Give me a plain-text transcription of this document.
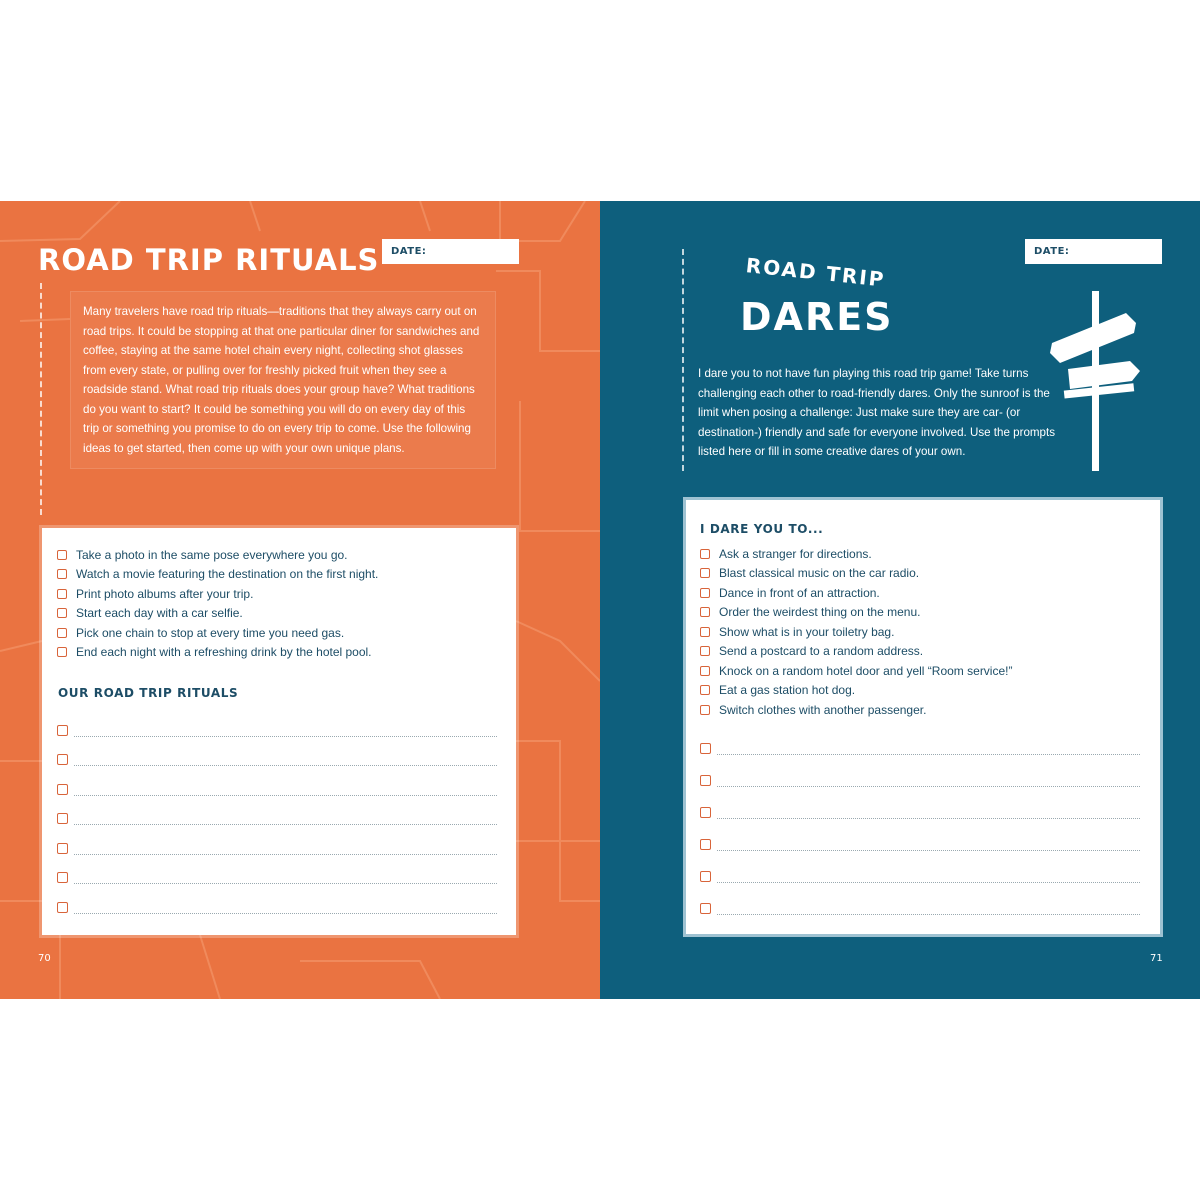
ROAD TRIP RITUALS	DATE:

Many travelers have road trip rituals—traditions that they always carry out on road trips. It could be stopping at that one particular diner for sandwiches and coffee, staying at the same hotel chain every night, collecting shot glasses from every state, or pulling over for freshly picked fruit when they see a roadside stand. What road trip rituals does your group have? What traditions do you want to start? It could be something you will do on every day of this trip or something you promise to do on every trip to come. Use the following ideas to get started, then come up with your own unique plans.

Take a photo in the same pose everywhere you go.
Watch a movie featuring the destination on the first night.
Print photo albums after your trip.
Start each day with a car selfie.
Pick one chain to stop at every time you need gas.
End each night with a refreshing drink by the hotel pool.
OUR ROAD TRIP RITUALS
70
ROAD TRIP
DARES
DATE:

I dare you to not have fun playing this road trip game! Take turns challenging each other to road-friendly dares. Only the sunroof is the limit when posing a challenge: Just make sure they are car- (or destination-) friendly and safe for everyone involved. Use the prompts listed here or fill in some creative dares of your own.

I DARE YOU TO...
Ask a stranger for directions.
Blast classical music on the car radio.
Dance in front of an attraction.
Order the weirdest thing on the menu.
Show what is in your toiletry bag.
Send a postcard to a random address.
Knock on a random hotel door and yell “Room service!”
Eat a gas station hot dog.
Switch clothes with another passenger.
71
